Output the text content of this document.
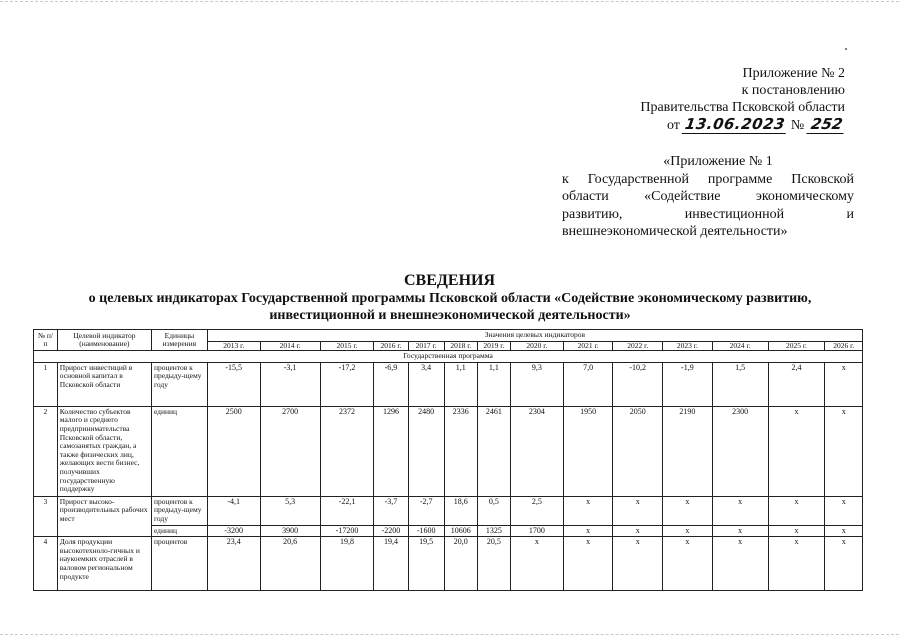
Приложение № 2
к постановлению
Правительства Псковской области
от 13.06.2023 № 252
«Приложение № 1
к Государственной программе Псковской
области «Содействие экономическому
развитию, инвестиционной и
внешнеэкономической деятельности»
СВЕДЕНИЯ
о целевых индикаторах Государственной программы Псковской области «Содействие экономическому развитию,
инвестиционной и внешнеэкономической деятельности»
№ п/п	Целевой индикатор (наименование)	Единицы измерения	Значения целевых индикаторов													
			2013 г.	2014 г.	2015 г.	2016 г.	2017 г.	2018 г.	2019 г.	2020 г.	2021 г.	2022 г.	2023 г.	2024 г.	2025 г.	2026 г.
Государственная программа																
1	Прирост инвестиций в основной капитал в Псковской области	процентов к предыду-щему году	-15,5	-3,1	-17,2	-6,9	3,4	1,1	1,1	9,3	7,0	-10,2	-1,9	1,5	2,4	х
2	Количество субъектов малого и среднего предпринимательства Псковской области, самозанятых граждан, а также физических лиц, желающих вести бизнес, получивших государственную поддержку	единиц	2500	2700	2372	1296	2480	2336	2461	2304	1950	2050	2190	2300	х	х
3	Прирост высоко-производительных рабочих мест	процентов к предыду-щему году	-4,1	5,3	-22,1	-3,7	-2,7	18,6	0,5	2,5	х	х	х	х	х	х
		единиц	-3200	3900	-17200	-2200	-1600	10606	1325	1700	х	х	х	х	х	х
4	Доля продукции высокотехноло-гичных и наукоемких отраслей в валовом региональном продукте	процентов	23,4	20,6	19,8	19,4	19,5	20,0	20,5	х	х	х	х	х	х	х
